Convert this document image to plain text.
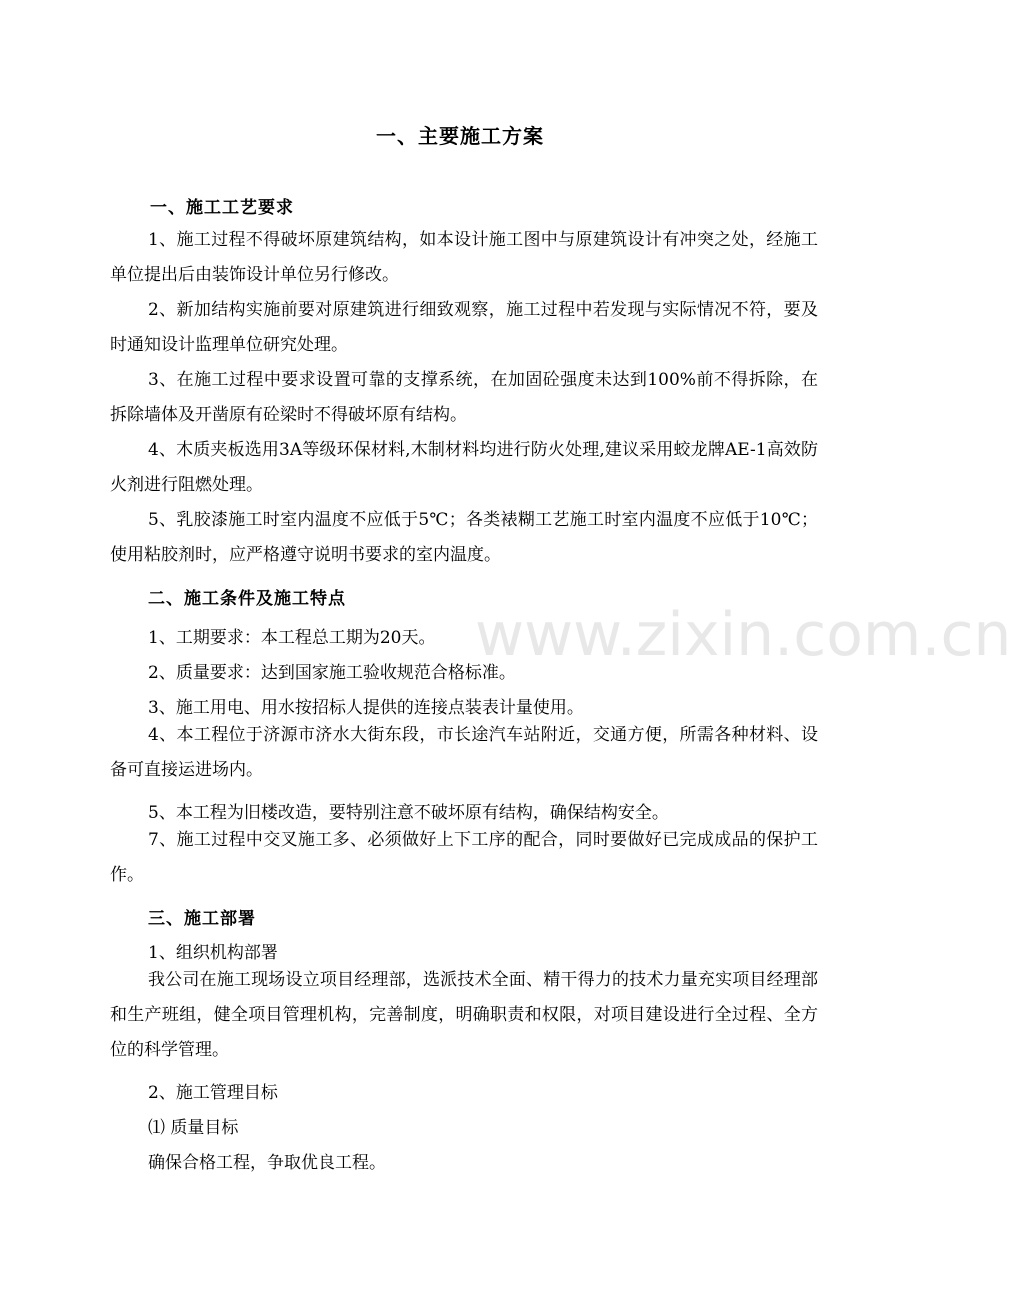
www.zixin.com.cn
一、主要施工方案
一、施工工艺要求
1、施工过程不得破坏原建筑结构，如本设计施工图中与原建筑设计有冲突之处，经施工单位提出后由装饰设计单位另行修改。
2、新加结构实施前要对原建筑进行细致观察，施工过程中若发现与实际情况不符，要及时通知设计监理单位研究处理。
3、在施工过程中要求设置可靠的支撑系统，在加固砼强度未达到100%前不得拆除，在拆除墙体及开凿原有砼梁时不得破坏原有结构。
4、木质夹板选用3A等级环保材料,木制材料均进行防火处理,建议采用蛟龙牌AE-1高效防火剂进行阻燃处理。
5、乳胶漆施工时室内温度不应低于5℃；各类裱糊工艺施工时室内温度不应低于10℃；使用粘胶剂时，应严格遵守说明书要求的室内温度。
二、施工条件及施工特点
1、工期要求：本工程总工期为20天。
2、质量要求：达到国家施工验收规范合格标准。
3、施工用电、用水按招标人提供的连接点装表计量使用。
4、本工程位于济源市济水大街东段，市长途汽车站附近，交通方便，所需各种材料、设备可直接运进场内。
5、本工程为旧楼改造，要特别注意不破坏原有结构，确保结构安全。
7、施工过程中交叉施工多、必须做好上下工序的配合，同时要做好已完成成品的保护工作。
三、施工部署
1、组织机构部署
我公司在施工现场设立项目经理部，选派技术全面、精干得力的技术力量充实项目经理部和生产班组，健全项目管理机构，完善制度，明确职责和权限，对项目建设进行全过程、全方位的科学管理。
2、施工管理目标
⑴ 质量目标
确保合格工程，争取优良工程。
